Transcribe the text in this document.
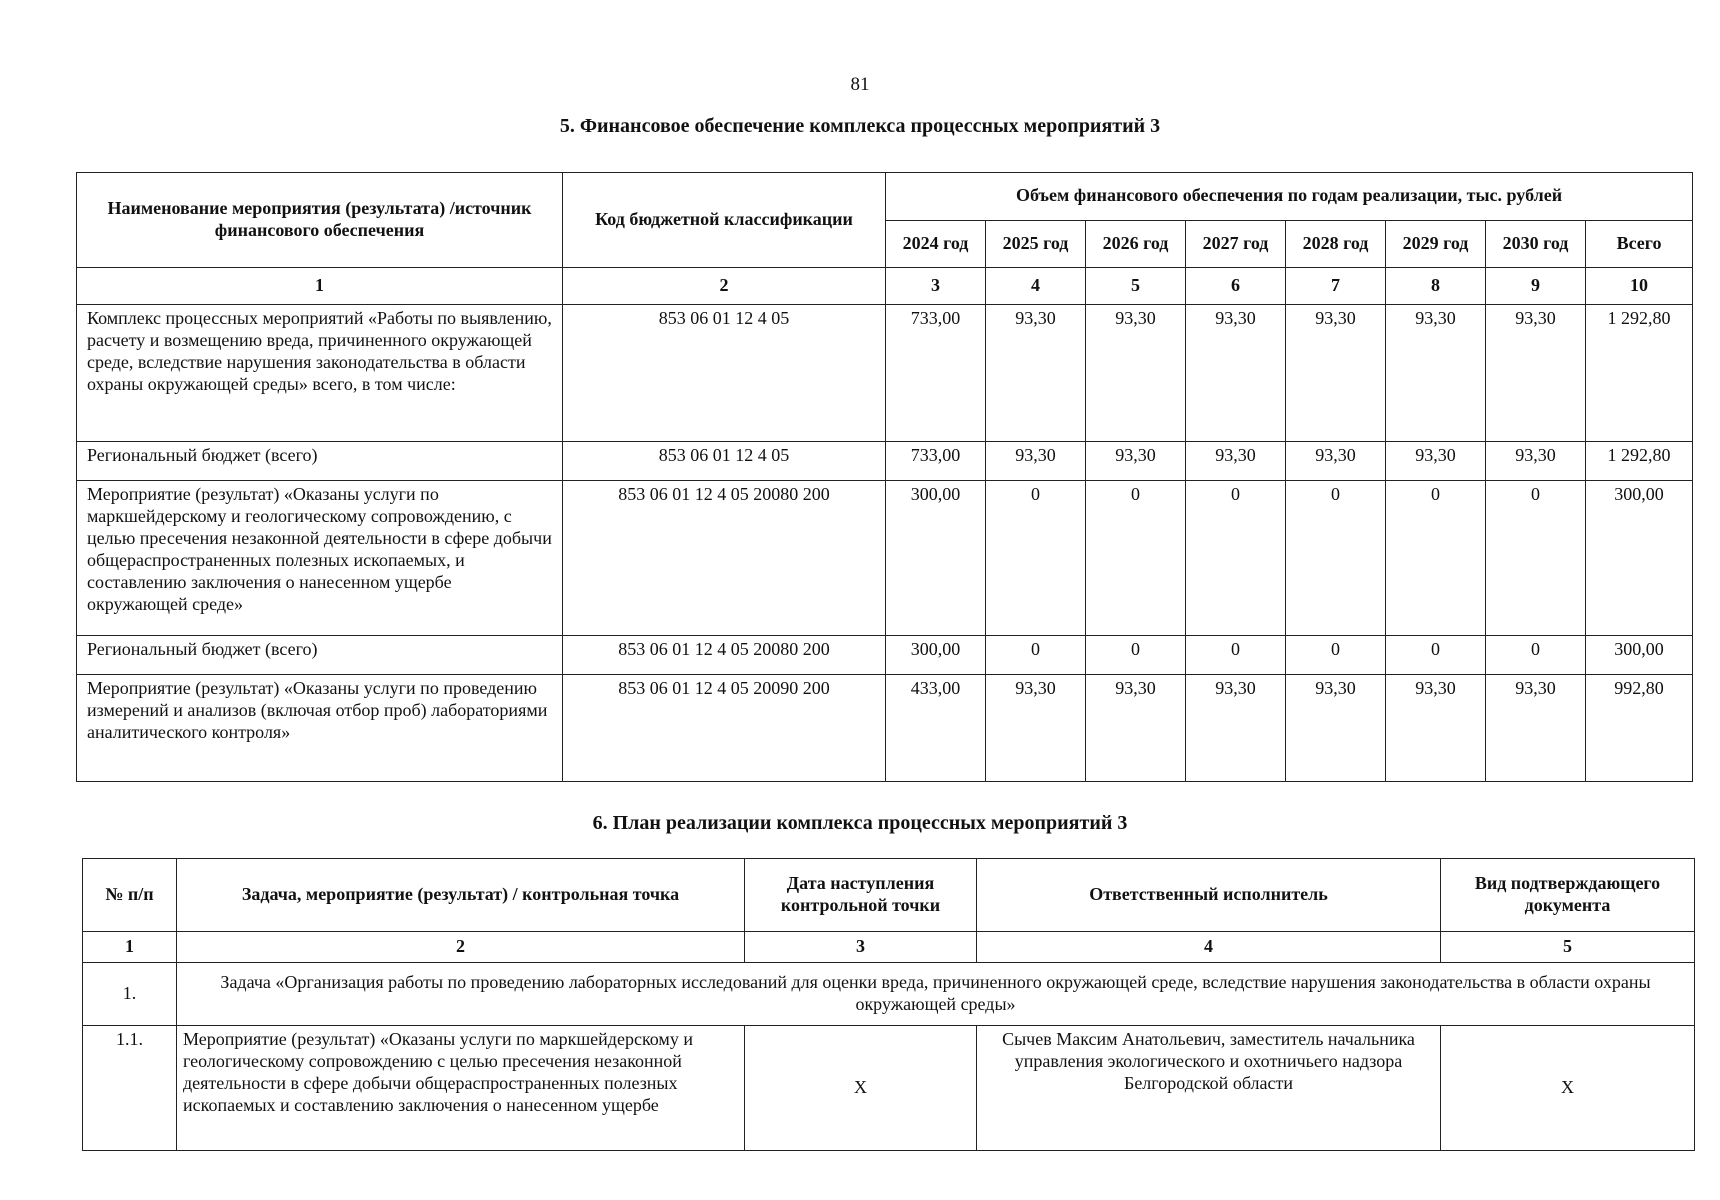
81
5. Финансовое обеспечение комплекса процессных мероприятий 3
Наименование мероприятия (результата) /источник финансового обеспечения	Код бюджетной классификации	Объем финансового обеспечения по годам реализации, тыс. рублей							
		2024 год	2025 год	2026 год	2027 год	2028 год	2029 год	2030 год	Всего
1	2	3	4	5	6	7	8	9	10
Комплекс процессных мероприятий «Работы по выявлению, расчету и возмещению вреда, причиненного окружающей среде, вследствие нарушения законодательства в области охраны окружающей среды» всего, в том числе:	853 06 01 12 4 05	733,00	93,30	93,30	93,30	93,30	93,30	93,30	1 292,80
Региональный бюджет (всего)	853 06 01 12 4 05	733,00	93,30	93,30	93,30	93,30	93,30	93,30	1 292,80
Мероприятие (результат) «Оказаны услуги по маркшейдерскому и геологическому сопровождению, с целью пресечения незаконной деятельности в сфере добычи общераспространенных полезных ископаемых, и составлению заключения о нанесенном ущербе окружающей среде»	853 06 01 12 4 05 20080 200	300,00	0	0	0	0	0	0	300,00
Региональный бюджет (всего)	853 06 01 12 4 05 20080 200	300,00	0	0	0	0	0	0	300,00
Мероприятие (результат) «Оказаны услуги по проведению измерений и анализов (включая отбор проб) лабораториями аналитического контроля»	853 06 01 12 4 05 20090 200	433,00	93,30	93,30	93,30	93,30	93,30	93,30	992,80
6. План реализации комплекса процессных мероприятий 3
№ п/п	Задача, мероприятие (результат) / контрольная точка	Дата наступления контрольной точки	Ответственный исполнитель	Вид подтверждающего документа
1	2	3	4	5
1.	Задача «Организация работы по проведению лабораторных исследований для оценки вреда, причиненного окружающей среде, вследствие нарушения законодательства в области охраны окружающей среды»			
1.1.	Мероприятие (результат) «Оказаны услуги по маркшейдерскому и геологическому сопровождению с целью пресечения незаконной деятельности в сфере добычи общераспространенных полезных ископаемых и составлению заключения о нанесенном ущербе	Х	Сычев Максим Анатольевич, заместитель начальника управления экологического и охотничьего надзора Белгородской области	Х
